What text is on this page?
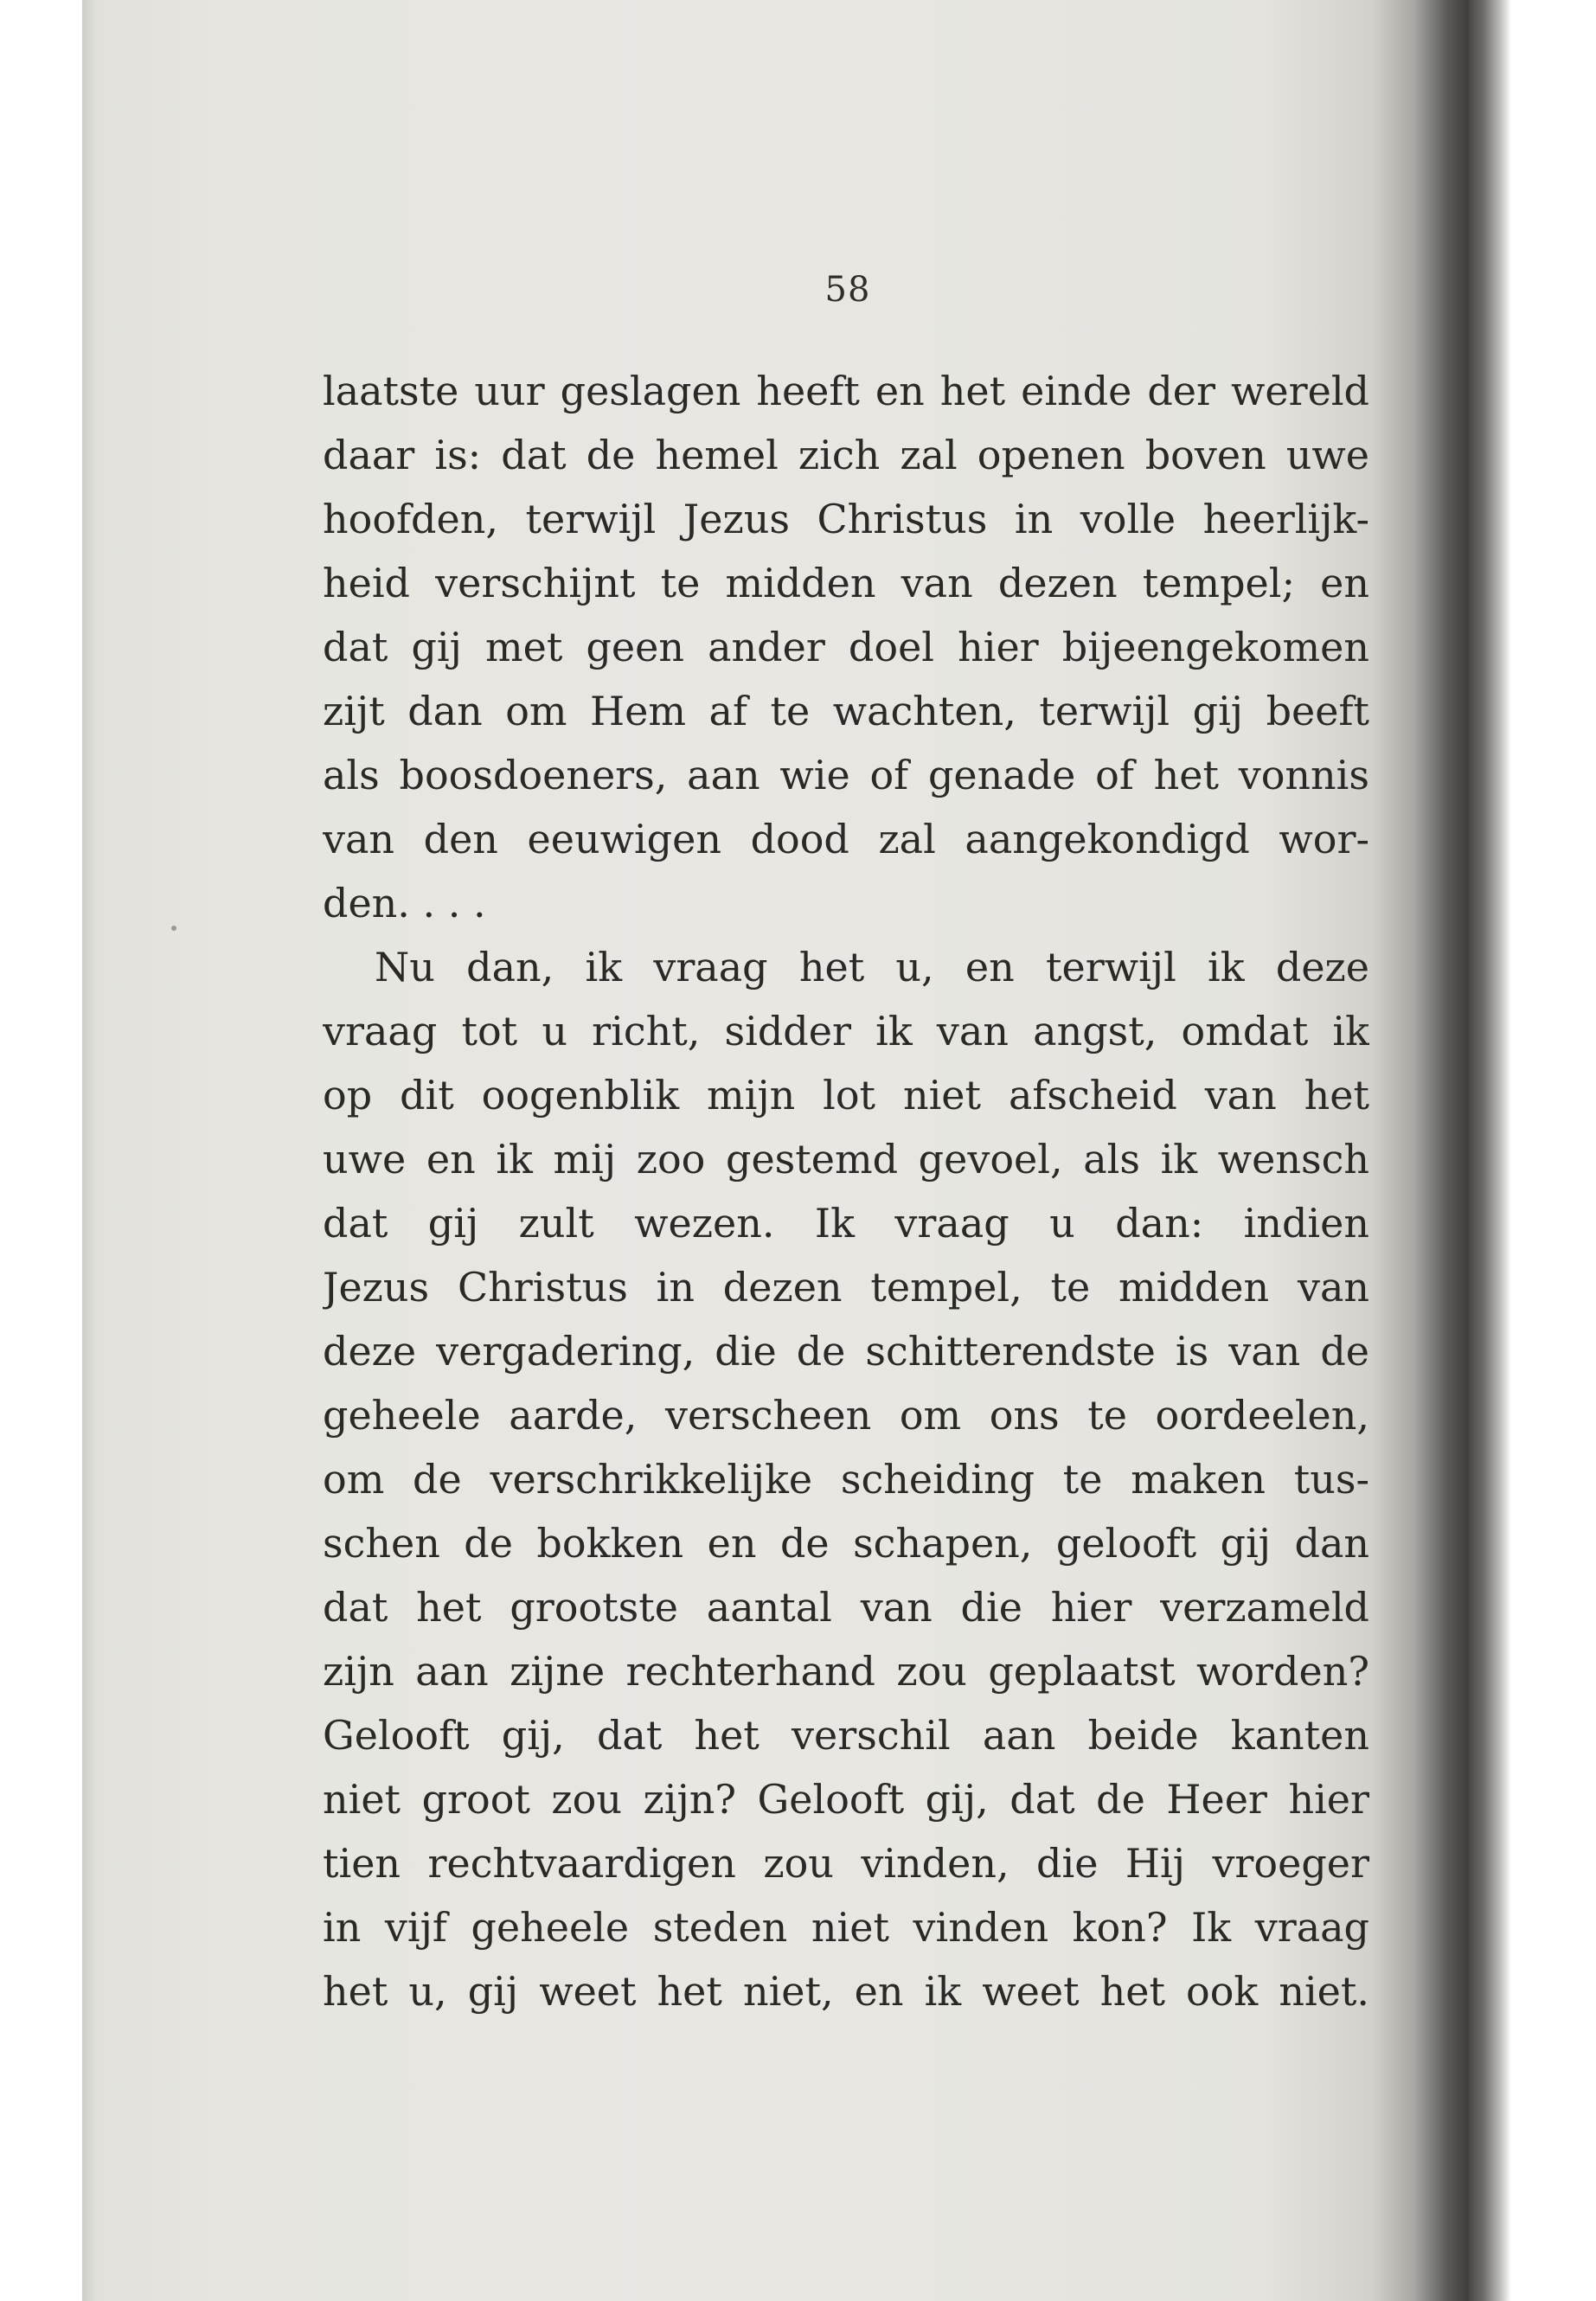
58
laatste uur geslagen heeft en het einde der wereld
daar is: dat de hemel zich zal openen boven uwe
hoofden, terwijl Jezus Christus in volle heerlijk-
heid verschijnt te midden van dezen tempel; en
dat gij met geen ander doel hier bijeengekomen
zijt dan om Hem af te wachten, terwijl gij beeft
als boosdoeners, aan wie of genade of het vonnis
van den eeuwigen dood zal aangekondigd wor-
den. . . .
Nu dan, ik vraag het u, en terwijl ik deze
vraag tot u richt, sidder ik van angst, omdat ik
op dit oogenblik mijn lot niet afscheid van het
uwe en ik mij zoo gestemd gevoel, als ik wensch
dat gij zult wezen. Ik vraag u dan: indien
Jezus Christus in dezen tempel, te midden van
deze vergadering, die de schitterendste is van de
geheele aarde, verscheen om ons te oordeelen,
om de verschrikkelijke scheiding te maken tus-
schen de bokken en de schapen, gelooft gij dan
dat het grootste aantal van die hier verzameld
zijn aan zijne rechterhand zou geplaatst worden?
Gelooft gij, dat het verschil aan beide kanten
niet groot zou zijn? Gelooft gij, dat de Heer hier
tien rechtvaardigen zou vinden, die Hij vroeger
in vijf geheele steden niet vinden kon? Ik vraag
het u, gij weet het niet, en ik weet het ook niet.
